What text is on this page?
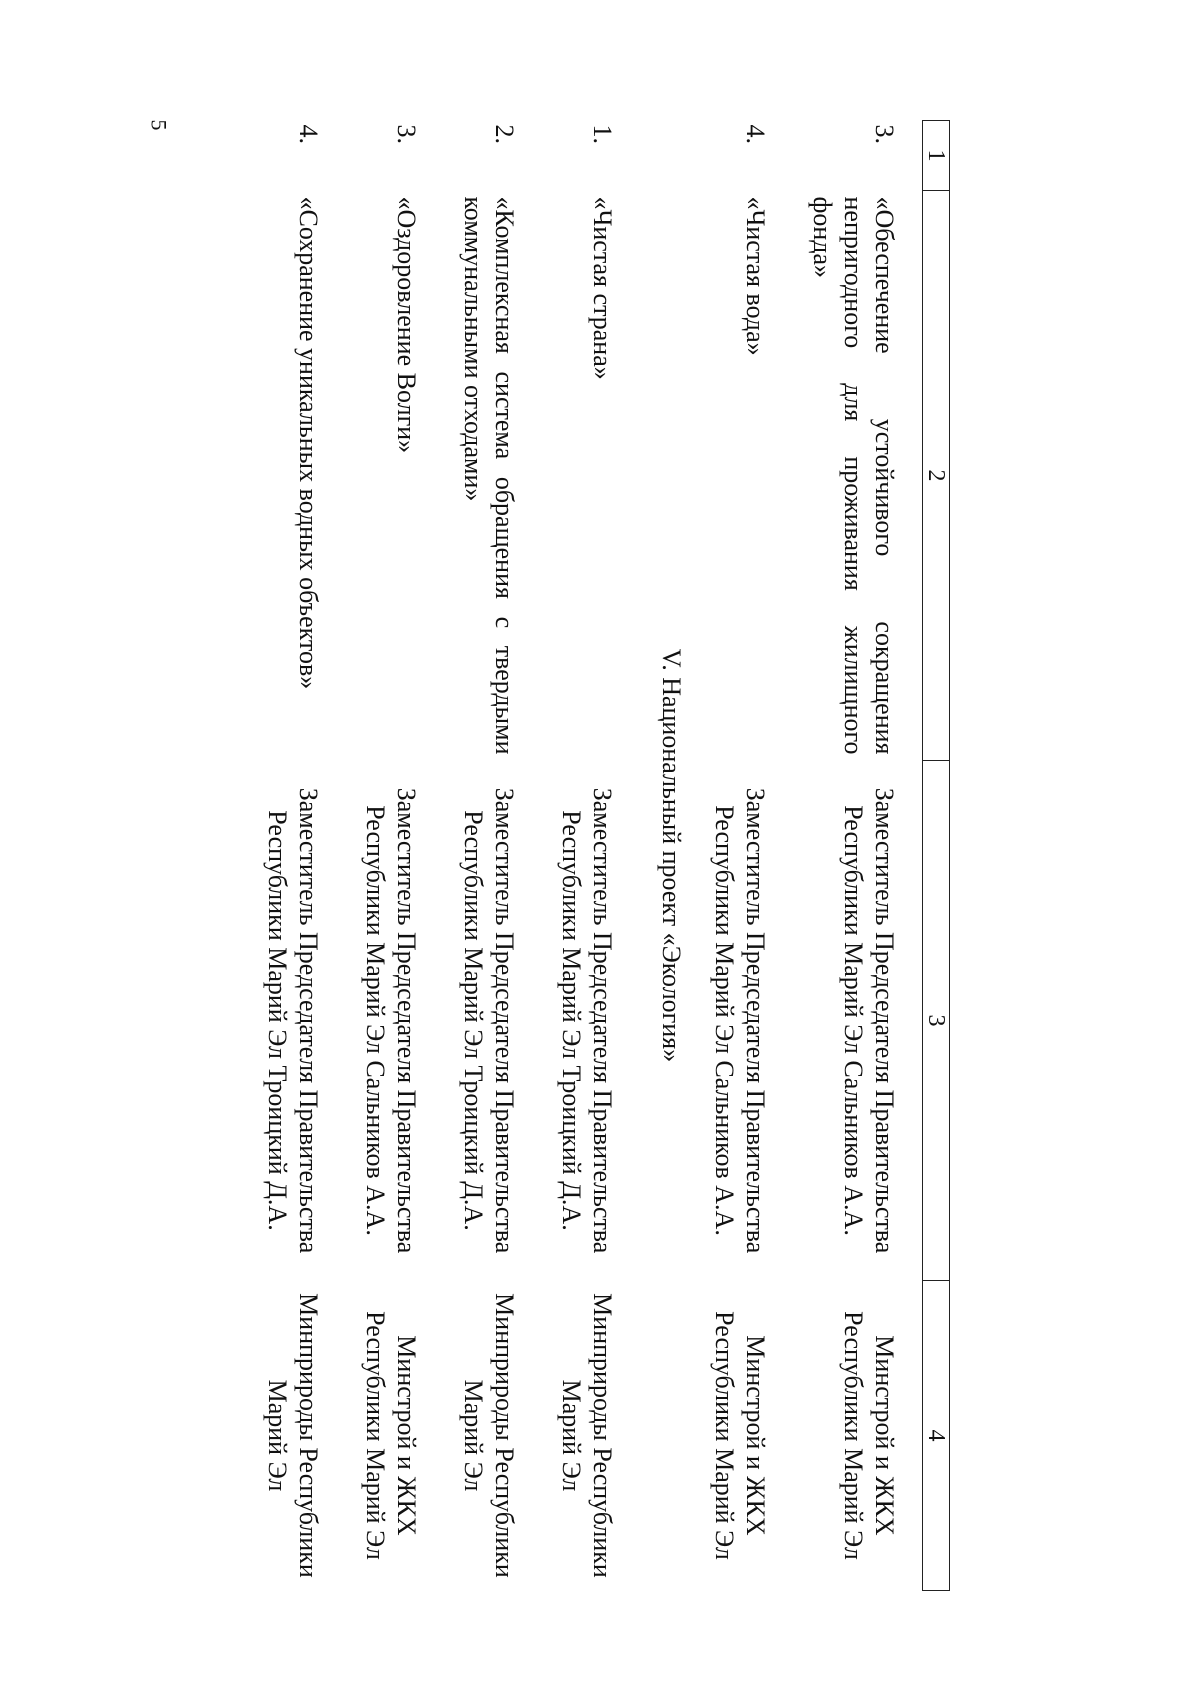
5
1	2	3	4
3.	«Обеспечение устойчивого сокращения непригодного для проживания жилищного фонда»	Заместитель Председателя Правительства Республики Марий Эл Сальников А.А.	Минстрой и ЖКХ Республики Марий Эл
4.	«Чистая вода»	Заместитель Председателя Правительства Республики Марий Эл Сальников А.А.	Минстрой и ЖКХ Республики Марий Эл
V. Национальный проект «Экология»			
1.	«Чистая страна»	Заместитель Председателя Правительства Республики Марий Эл Троицкий Д.А.	Минприроды Республики Марий Эл
2.	«Комплексная система обращения с твердыми коммунальными отходами»	Заместитель Председателя Правительства Республики Марий Эл Троицкий Д.А.	Минприроды Республики Марий Эл
3.	«Оздоровление Волги»	Заместитель Председателя Правительства Республики Марий Эл Сальников А.А.	Минстрой и ЖКХ Республики Марий Эл
4.	«Сохранение уникальных водных объектов»	Заместитель Председателя Правительства Республики Марий Эл Троицкий Д.А.	Минприроды Республики Марий Эл
